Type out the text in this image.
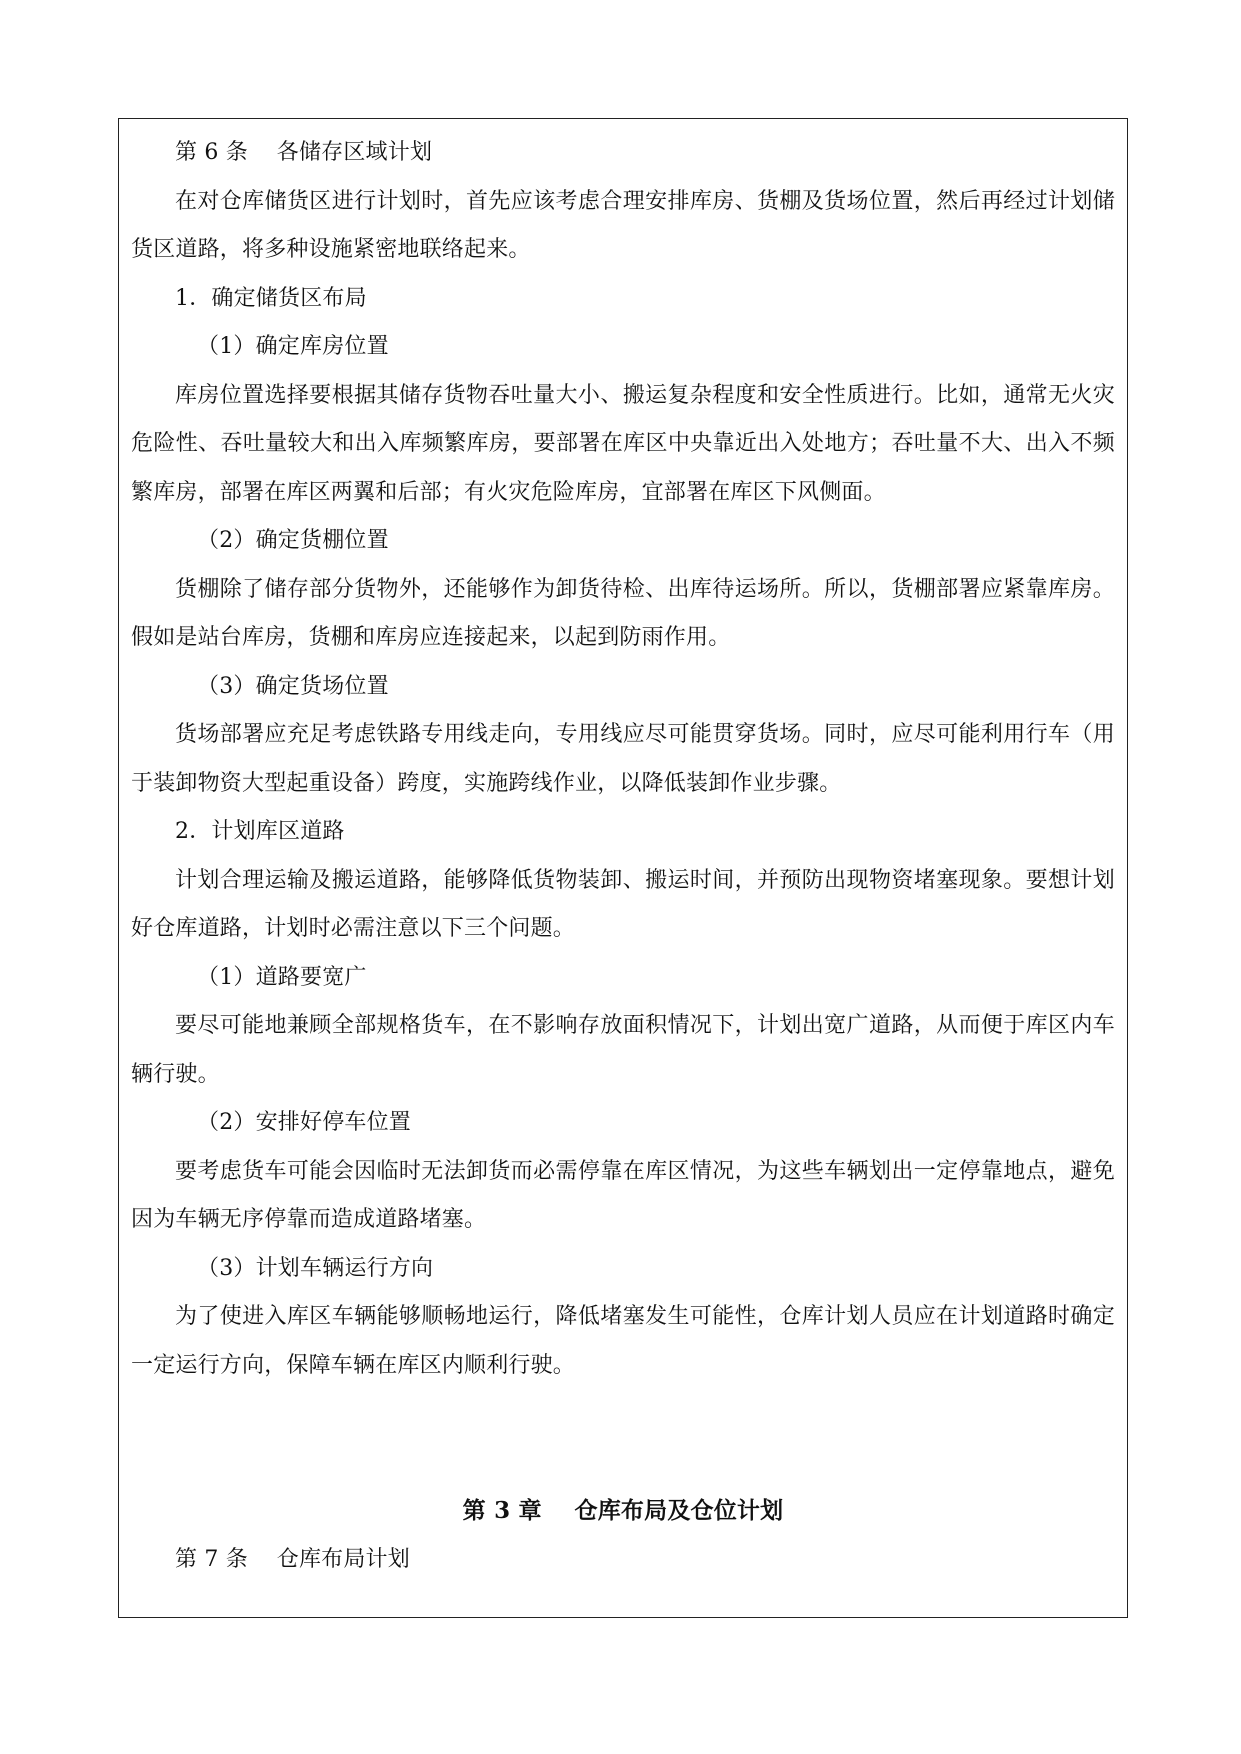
第 6 条    各储存区域计划

在对仓库储货区进行计划时，首先应该考虑合理安排库房、货棚及货场位置，然后再经过计划储货区道路，将多种设施紧密地联络起来。

1．确定储货区布局

（1）确定库房位置

库房位置选择要根据其储存货物吞吐量大小、搬运复杂程度和安全性质进行。比如，通常无火灾危险性、吞吐量较大和出入库频繁库房，要部署在库区中央靠近出入处地方；吞吐量不大、出入不频繁库房，部署在库区两翼和后部；有火灾危险库房，宜部署在库区下风侧面。

（2）确定货棚位置

货棚除了储存部分货物外，还能够作为卸货待检、出库待运场所。所以，货棚部署应紧靠库房。假如是站台库房，货棚和库房应连接起来，以起到防雨作用。

（3）确定货场位置

货场部署应充足考虑铁路专用线走向，专用线应尽可能贯穿货场。同时，应尽可能利用行车（用于装卸物资大型起重设备）跨度，实施跨线作业，以降低装卸作业步骤。

2．计划库区道路

计划合理运输及搬运道路，能够降低货物装卸、搬运时间，并预防出现物资堵塞现象。要想计划好仓库道路，计划时必需注意以下三个问题。

（1）道路要宽广

要尽可能地兼顾全部规格货车，在不影响存放面积情况下，计划出宽广道路，从而便于库区内车辆行驶。

（2）安排好停车位置

要考虑货车可能会因临时无法卸货而必需停靠在库区情况，为这些车辆划出一定停靠地点，避免因为车辆无序停靠而造成道路堵塞。

（3）计划车辆运行方向

为了使进入库区车辆能够顺畅地运行，降低堵塞发生可能性，仓库计划人员应在计划道路时确定一定运行方向，保障车辆在库区内顺利行驶。

第 3 章    仓库布局及仓位计划

第 7 条    仓库布局计划
